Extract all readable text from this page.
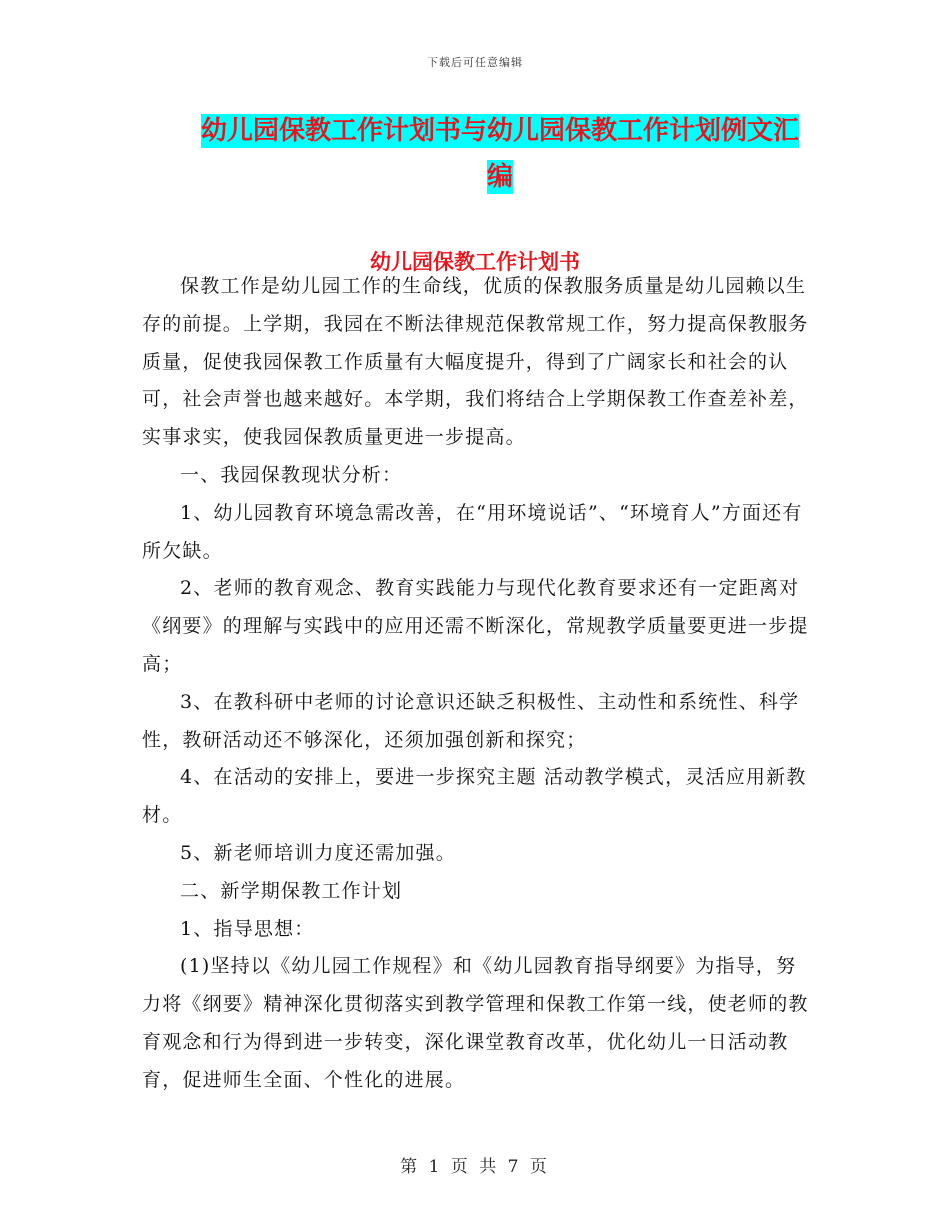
下载后可任意编辑
幼儿园保教工作计划书与幼儿园保教工作计划例文汇
编
幼儿园保教工作计划书

保教工作是幼儿园工作的生命线，优质的保教服务质量是幼儿园赖以生存的前提。上学期，我园在不断法律规范保教常规工作，努力提高保教服务质量，促使我园保教工作质量有大幅度提升，得到了广阔家长和社会的认可，社会声誉也越来越好。本学期，我们将结合上学期保教工作查差补差，实事求实，使我园保教质量更进一步提高。

一、我园保教现状分析：

1、幼儿园教育环境急需改善，在“用环境说话”、“环境育人”方面还有所欠缺。

2、老师的教育观念、教育实践能力与现代化教育要求还有一定距离对《纲要》的理解与实践中的应用还需不断深化，常规教学质量要更进一步提高；

3、在教科研中老师的讨论意识还缺乏积极性、主动性和系统性、科学性，教研活动还不够深化，还须加强创新和探究；

4、在活动的安排上，要进一步探究主题 活动教学模式，灵活应用新教材。

5、新老师培训力度还需加强。

二、新学期保教工作计划

1、指导思想：

(1)坚持以《幼儿园工作规程》和《幼儿园教育指导纲要》为指导，努力将《纲要》精神深化贯彻落实到教学管理和保教工作第一线，使老师的教育观念和行为得到进一步转变，深化课堂教育改革，优化幼儿一日活动教育，促进师生全面、个性化的进展。

第 1 页 共 7 页
